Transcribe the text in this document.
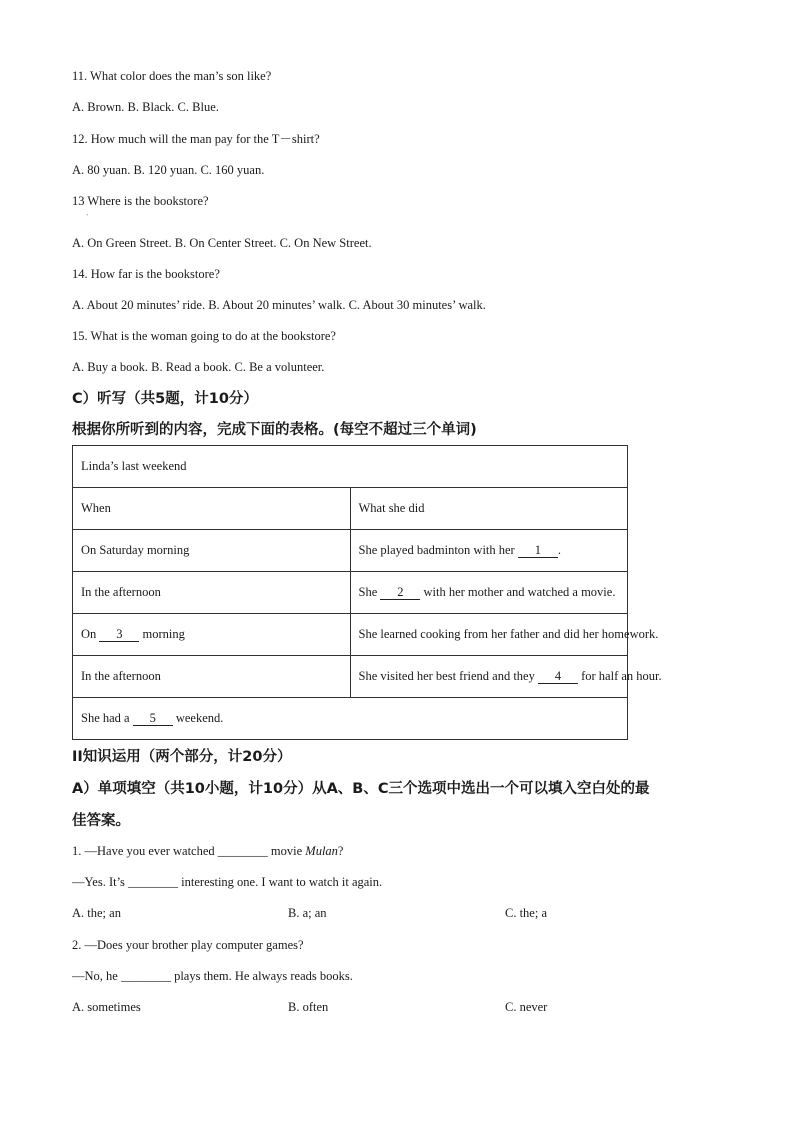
11. What color does the man’s son like?
A. Brown. B. Black. C. Blue.
12. How much will the man pay for the T－shirt?
A. 80 yuan. B. 120 yuan. C. 160 yuan.
13 Where is the bookstore?
`
A. On Green Street. B. On Center Street. C. On New Street.
14. How far is the bookstore?
A. About 20 minutes’ ride. B. About 20 minutes’ walk. C. About 30 minutes’ walk.
15. What is the woman going to do at the bookstore?
A. Buy a book. B. Read a book. C. Be a volunteer.
C）听写（共5题，计10分）
根据你所听到的内容，完成下面的表格。(每空不超过三个单词)
Linda’s last weekend	
When	What she did
On Saturday morning	She played badminton with her 1 .
In the afternoon	She 2 with her mother and watched a movie.
On 3 morning	She learned cooking from her father and did her homework.
In the afternoon	She visited her best friend and they 4 for half an hour.
She had a 5 weekend.	
II知识运用（两个部分，计20分）
A）单项填空（共10小题，计10分）从A、B、C三个选项中选出一个可以填入空白处的最
佳答案。
1. —Have you ever watched ________ movie Mulan?
—Yes. It’s ________ interesting one. I want to watch it again.
A. the; an	B. a; an	C. the; a
2. —Does your brother play computer games?
—No, he ________ plays them. He always reads books.
A. sometimes	B. often	C. never
